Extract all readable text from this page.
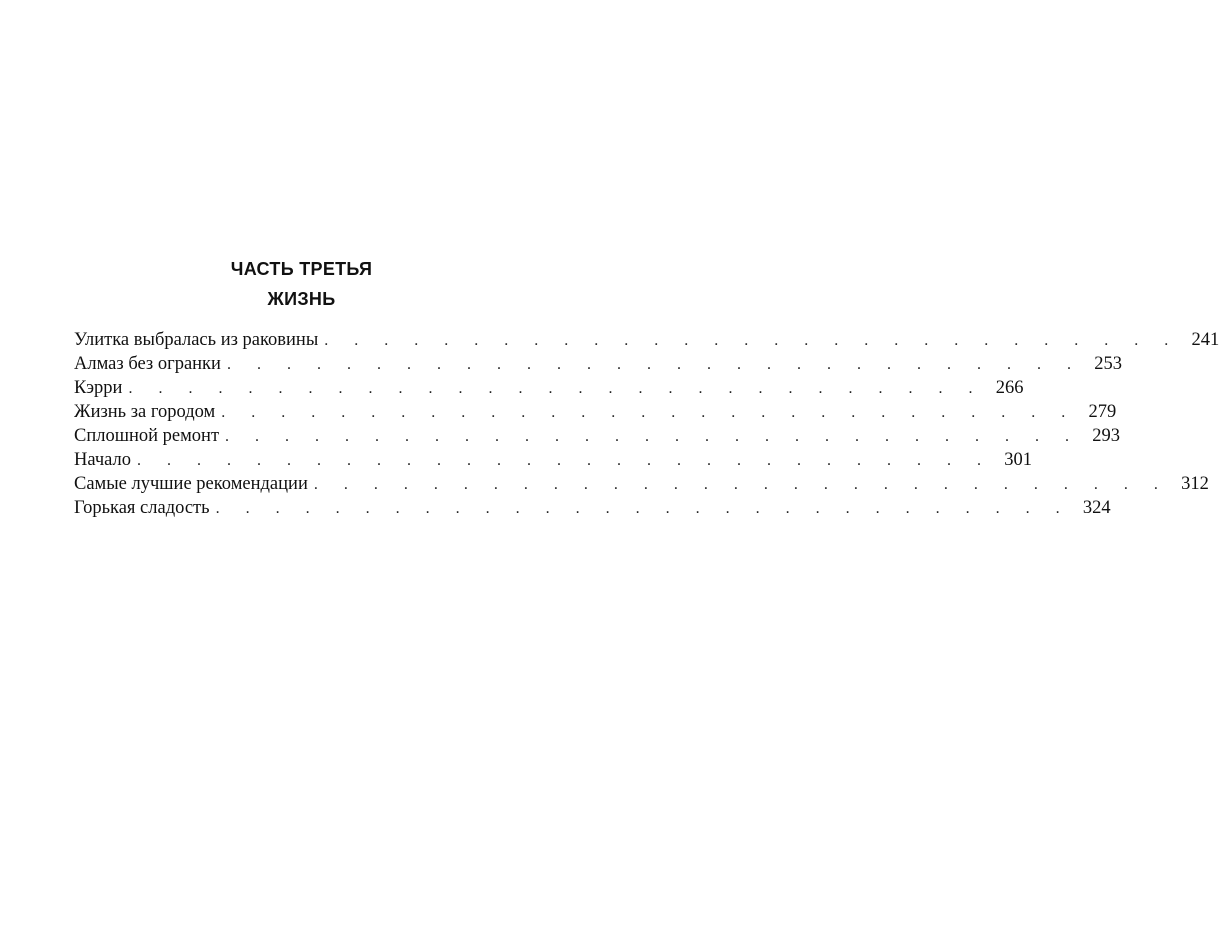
ЧАСТЬ ТРЕТЬЯ
ЖИЗНЬ
Улитка выбралась из раковины . . . . . . . . . . . . . . . . . . . . . . . . . . . . . 241
Алмаз без огранки . . . . . . . . . . . . . . . . . . . . . . . . . . . . . 253
Кэрри . . . . . . . . . . . . . . . . . . . . . . . . . . . . . 266
Жизнь за городом . . . . . . . . . . . . . . . . . . . . . . . . . . . . . 279
Сплошной ремонт . . . . . . . . . . . . . . . . . . . . . . . . . . . . . 293
Начало . . . . . . . . . . . . . . . . . . . . . . . . . . . . . 301
Самые лучшие рекомендации . . . . . . . . . . . . . . . . . . . . . . . . . . . . . 312
Горькая сладость . . . . . . . . . . . . . . . . . . . . . . . . . . . . . 324
